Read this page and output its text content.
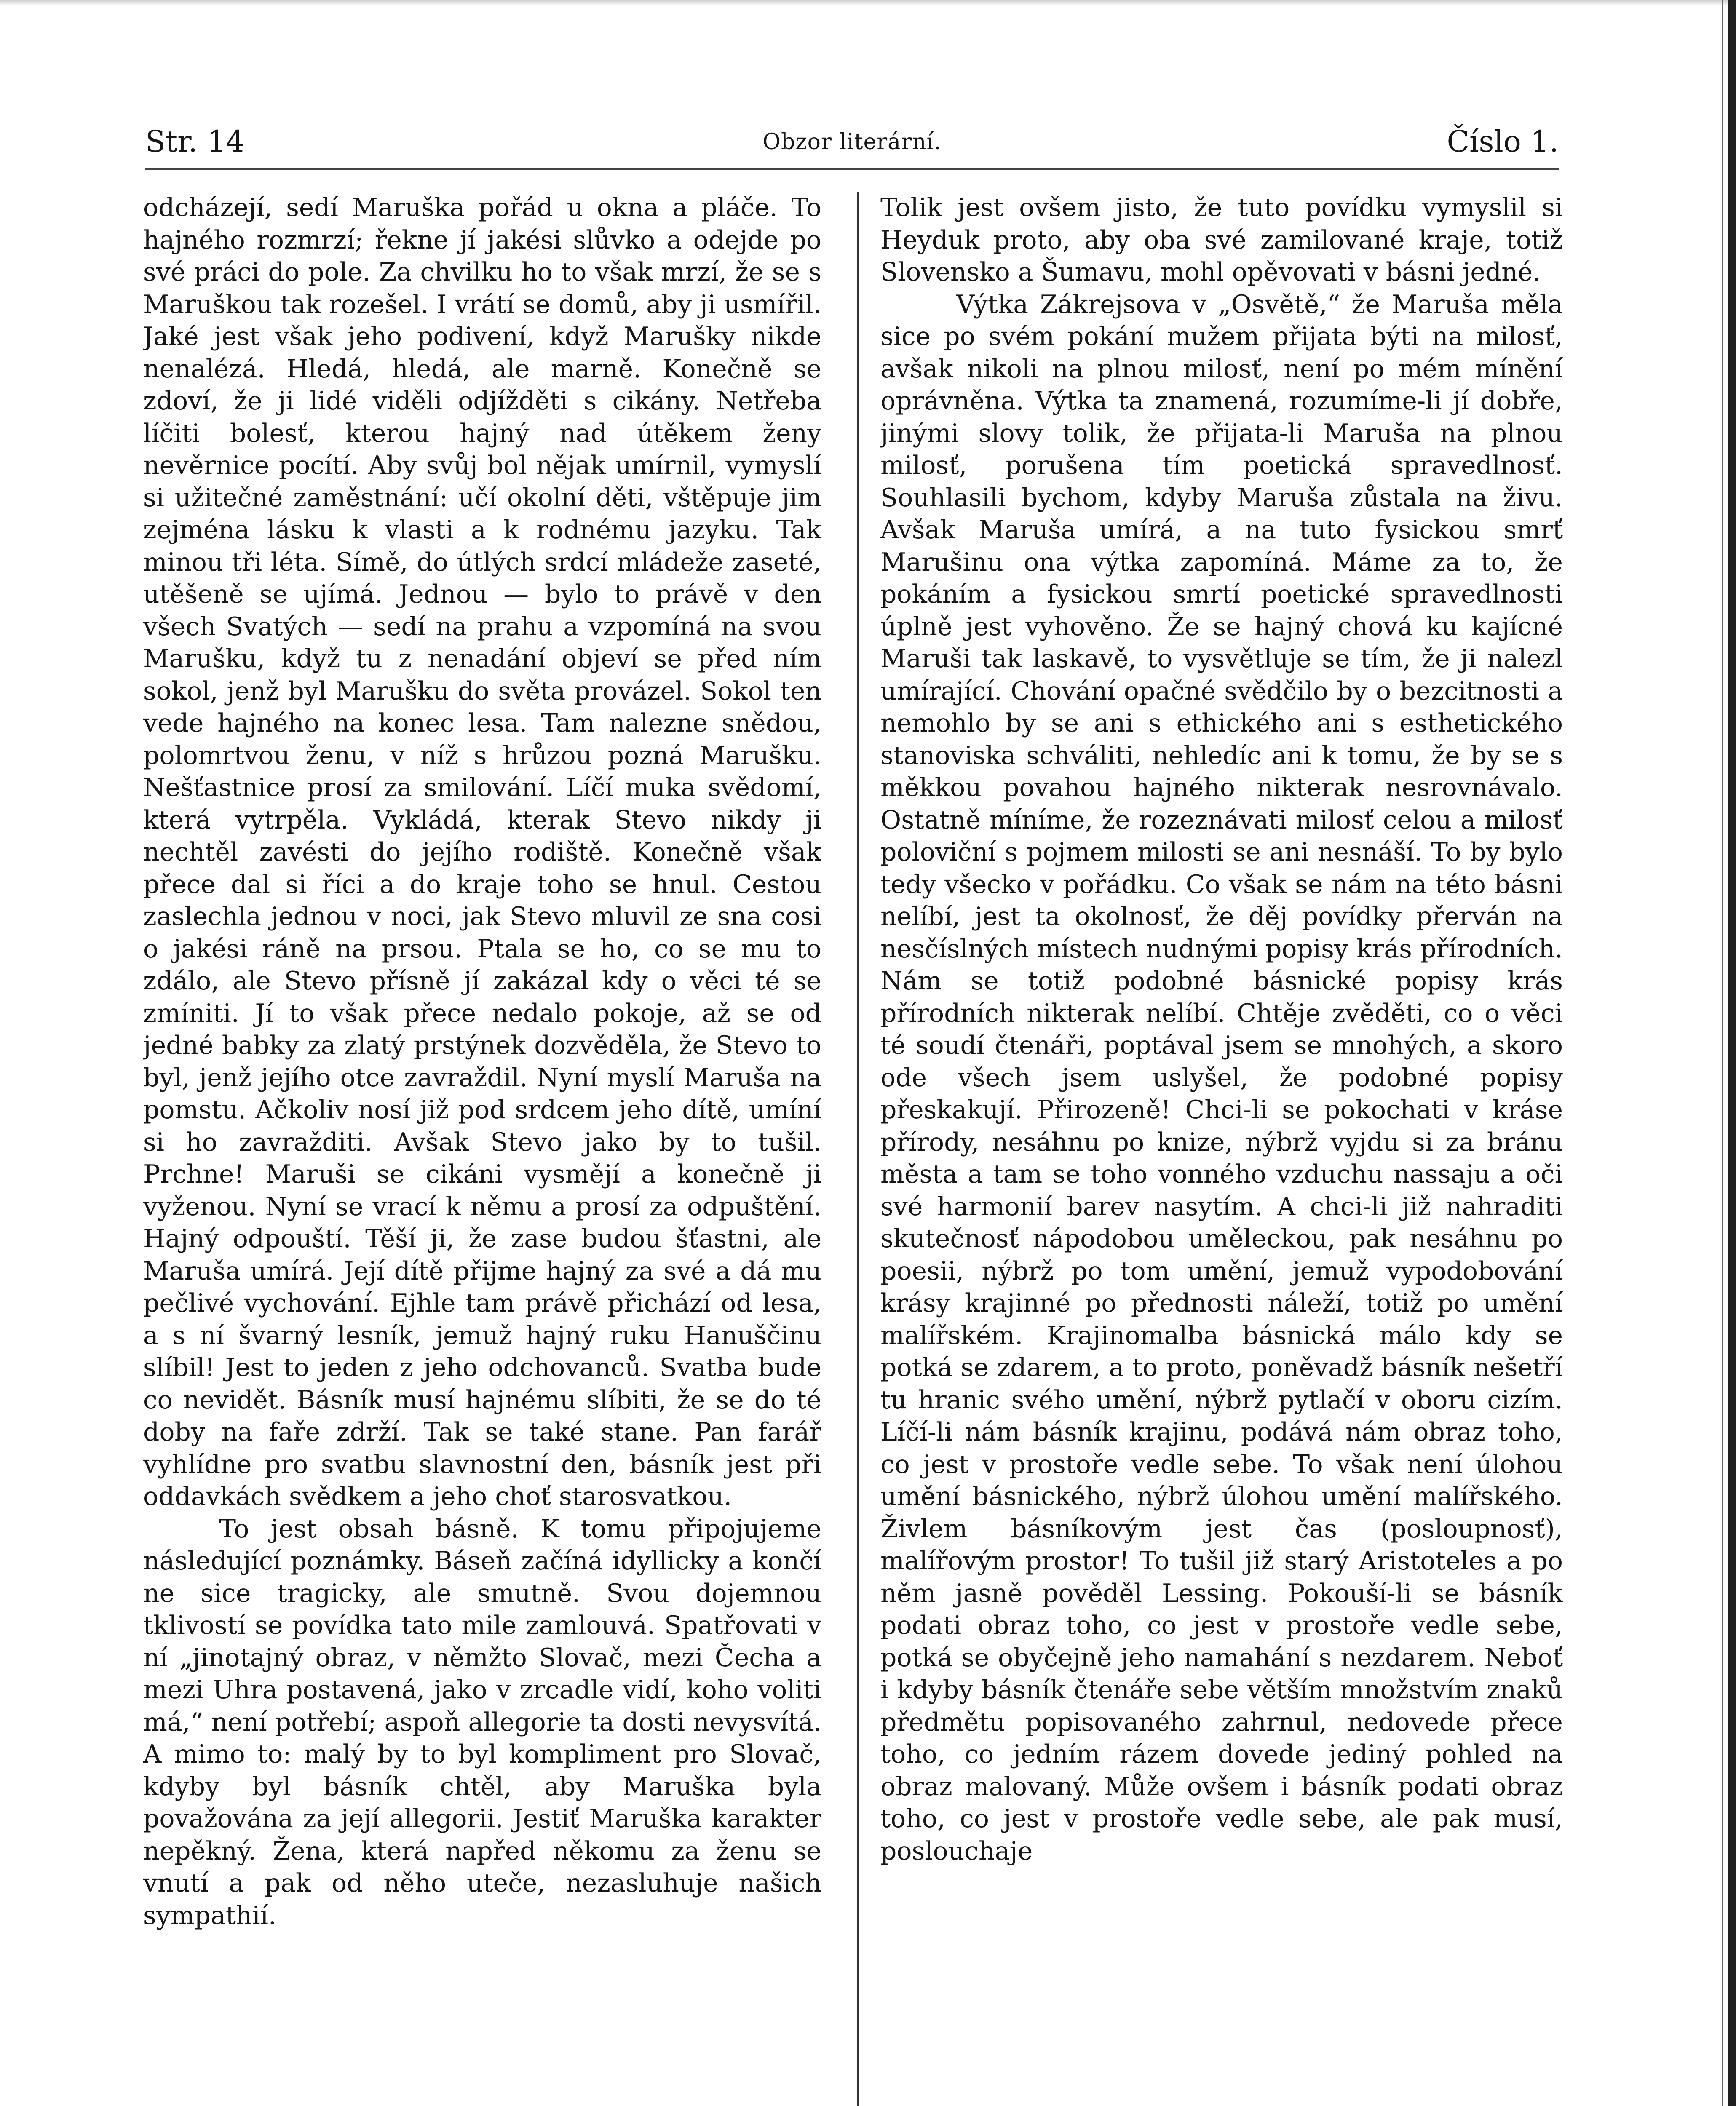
Str. 14	Obzor literární.	Číslo 1.

odcházejí, sedí Maruška pořád u okna a pláče. To hajného rozmrzí; řekne jí jakési slůvko a odejde po své práci do pole. Za chvilku ho to však mrzí, že se s Maruškou tak rozešel. I vrátí se domů, aby ji usmířil. Jaké jest však jeho podivení, když Marušky nikde nenalézá. Hledá, hledá, ale marně. Konečně se zdoví, že ji lidé viděli odjížděti s cikány. Netřeba líčiti bolesť, kterou hajný nad útěkem ženy nevěrnice pocítí. Aby svůj bol nějak umírnil, vymyslí si užitečné zaměstnání: učí okolní děti, vštěpuje jim zejména lásku k vlasti a k rodnému jazyku. Tak minou tři léta. Símě, do útlých srdcí mládeže zaseté, utěšeně se ujímá. Jednou — bylo to právě v den všech Svatých — sedí na prahu a vzpomíná na svou Marušku, když tu z nenadání objeví se před ním sokol, jenž byl Marušku do světa provázel. Sokol ten vede hajného na konec lesa. Tam nalezne snědou, polomrtvou ženu, v níž s hrůzou pozná Marušku. Nešťastnice prosí za smilování. Líčí muka svědomí, která vytrpěla. Vykládá, kterak Stevo nikdy ji nechtěl zavésti do jejího rodiště. Konečně však přece dal si říci a do kraje toho se hnul. Cestou zaslechla jednou v noci, jak Stevo mluvil ze sna cosi o jakési ráně na prsou. Ptala se ho, co se mu to zdálo, ale Stevo přísně jí zakázal kdy o věci té se zmíniti. Jí to však přece nedalo pokoje, až se od jedné babky za zlatý prstýnek dozvěděla, že Stevo to byl, jenž jejího otce zavraždil. Nyní myslí Maruša na pomstu. Ačkoliv nosí již pod srdcem jeho dítě, umíní si ho zavražditi. Avšak Stevo jako by to tušil. Prchne! Maruši se cikáni vysmějí a konečně ji vyženou. Nyní se vrací k němu a prosí za odpuštění. Hajný odpouští. Těší ji, že zase budou šťastni, ale Maruša umírá. Její dítě přijme hajný za své a dá mu pečlivé vychování. Ejhle tam právě přichází od lesa, a s ní švarný lesník, jemuž hajný ruku Hanuščinu slíbil! Jest to jeden z jeho odchovanců. Svatba bude co nevidět. Básník musí hajnému slíbiti, že se do té doby na faře zdrží. Tak se také stane. Pan farář vyhlídne pro svatbu slavnostní den, básník jest při oddavkách svědkem a jeho choť starosvatkou.

To jest obsah básně. K tomu připojujeme následující poznámky. Báseň začíná idyllicky a končí ne sice tragicky, ale smutně. Svou dojemnou tklivostí se povídka tato mile zamlouvá. Spatřovati v ní „jinotajný obraz, v němžto Slovač, mezi Čecha a mezi Uhra postavená, jako v zrcadle vidí, koho voliti má,“ není potřebí; aspoň allegorie ta dosti nevysvítá. A mimo to: malý by to byl kompliment pro Slovač, kdyby byl básník chtěl, aby Maruška byla považována za její allegorii. Jestiť Maruška karakter nepěkný. Žena, která napřed někomu za ženu se vnutí a pak od něho uteče, nezasluhuje našich sympathií.

Tolik jest ovšem jisto, že tuto povídku vymyslil si Heyduk proto, aby oba své zamilované kraje, totiž Slovensko a Šumavu, mohl opěvovati v básni jedné.

Výtka Zákrejsova v „Osvětě,“ že Maruša měla sice po svém pokání mužem přijata býti na milosť, avšak nikoli na plnou milosť, není po mém mínění oprávněna. Výtka ta znamená, rozumíme-li jí dobře, jinými slovy tolik, že přijata-li Maruša na plnou milosť, porušena tím poetická spravedlnosť. Souhlasili bychom, kdyby Maruša zůstala na živu. Avšak Maruša umírá, a na tuto fysickou smrť Marušinu ona výtka zapomíná. Máme za to, že pokáním a fysickou smrtí poetické spravedlnosti úplně jest vyhověno. Že se hajný chová ku kajícné Maruši tak laskavě, to vysvětluje se tím, že ji nalezl umírající. Chování opačné svědčilo by o bezcitnosti a nemohlo by se ani s ethického ani s esthetického stanoviska schváliti, nehledíc ani k tomu, že by se s měkkou povahou hajného nikterak nesrovnávalo. Ostatně míníme, že rozeznávati milosť celou a milosť poloviční s pojmem milosti se ani nesnáší. To by bylo tedy všecko v pořádku. Co však se nám na této básni nelíbí, jest ta okolnosť, že děj povídky přerván na nesčíslných místech nudnými popisy krás přírodních. Nám se totiž podobné básnické popisy krás přírodních nikterak nelíbí. Chtěje zvěděti, co o věci té soudí čtenáři, poptával jsem se mnohých, a skoro ode všech jsem uslyšel, že podobné popisy přeskakují. Přirozeně! Chci-li se pokochati v kráse přírody, nesáhnu po knize, nýbrž vyjdu si za bránu města a tam se toho vonného vzduchu nassaju a oči své harmonií barev nasytím. A chci-li již nahraditi skutečnosť nápodobou uměleckou, pak nesáhnu po poesii, nýbrž po tom umění, jemuž vypodobování krásy krajinné po přednosti náleží, totiž po umění malířském. Krajinomalba básnická málo kdy se potká se zdarem, a to proto, poněvadž básník nešetří tu hranic svého umění, nýbrž pytlačí v oboru cizím. Líčí-li nám básník krajinu, podává nám obraz toho, co jest v prostoře vedle sebe. To však není úlohou umění básnického, nýbrž úlohou umění malířského. Živlem básníkovým jest čas (posloupnosť), malířovým prostor! To tušil již starý Aristoteles a po něm jasně pověděl Lessing. Pokouší-li se básník podati obraz toho, co jest v prostoře vedle sebe, potká se obyčejně jeho namahání s nezdarem. Neboť i kdyby básník čtenáře sebe větším množstvím znaků předmětu popisovaného zahrnul, nedovede přece toho, co jedním rázem dovede jediný pohled na obraz malovaný. Může ovšem i básník podati obraz toho, co jest v prostoře vedle sebe, ale pak musí, poslouchaje
